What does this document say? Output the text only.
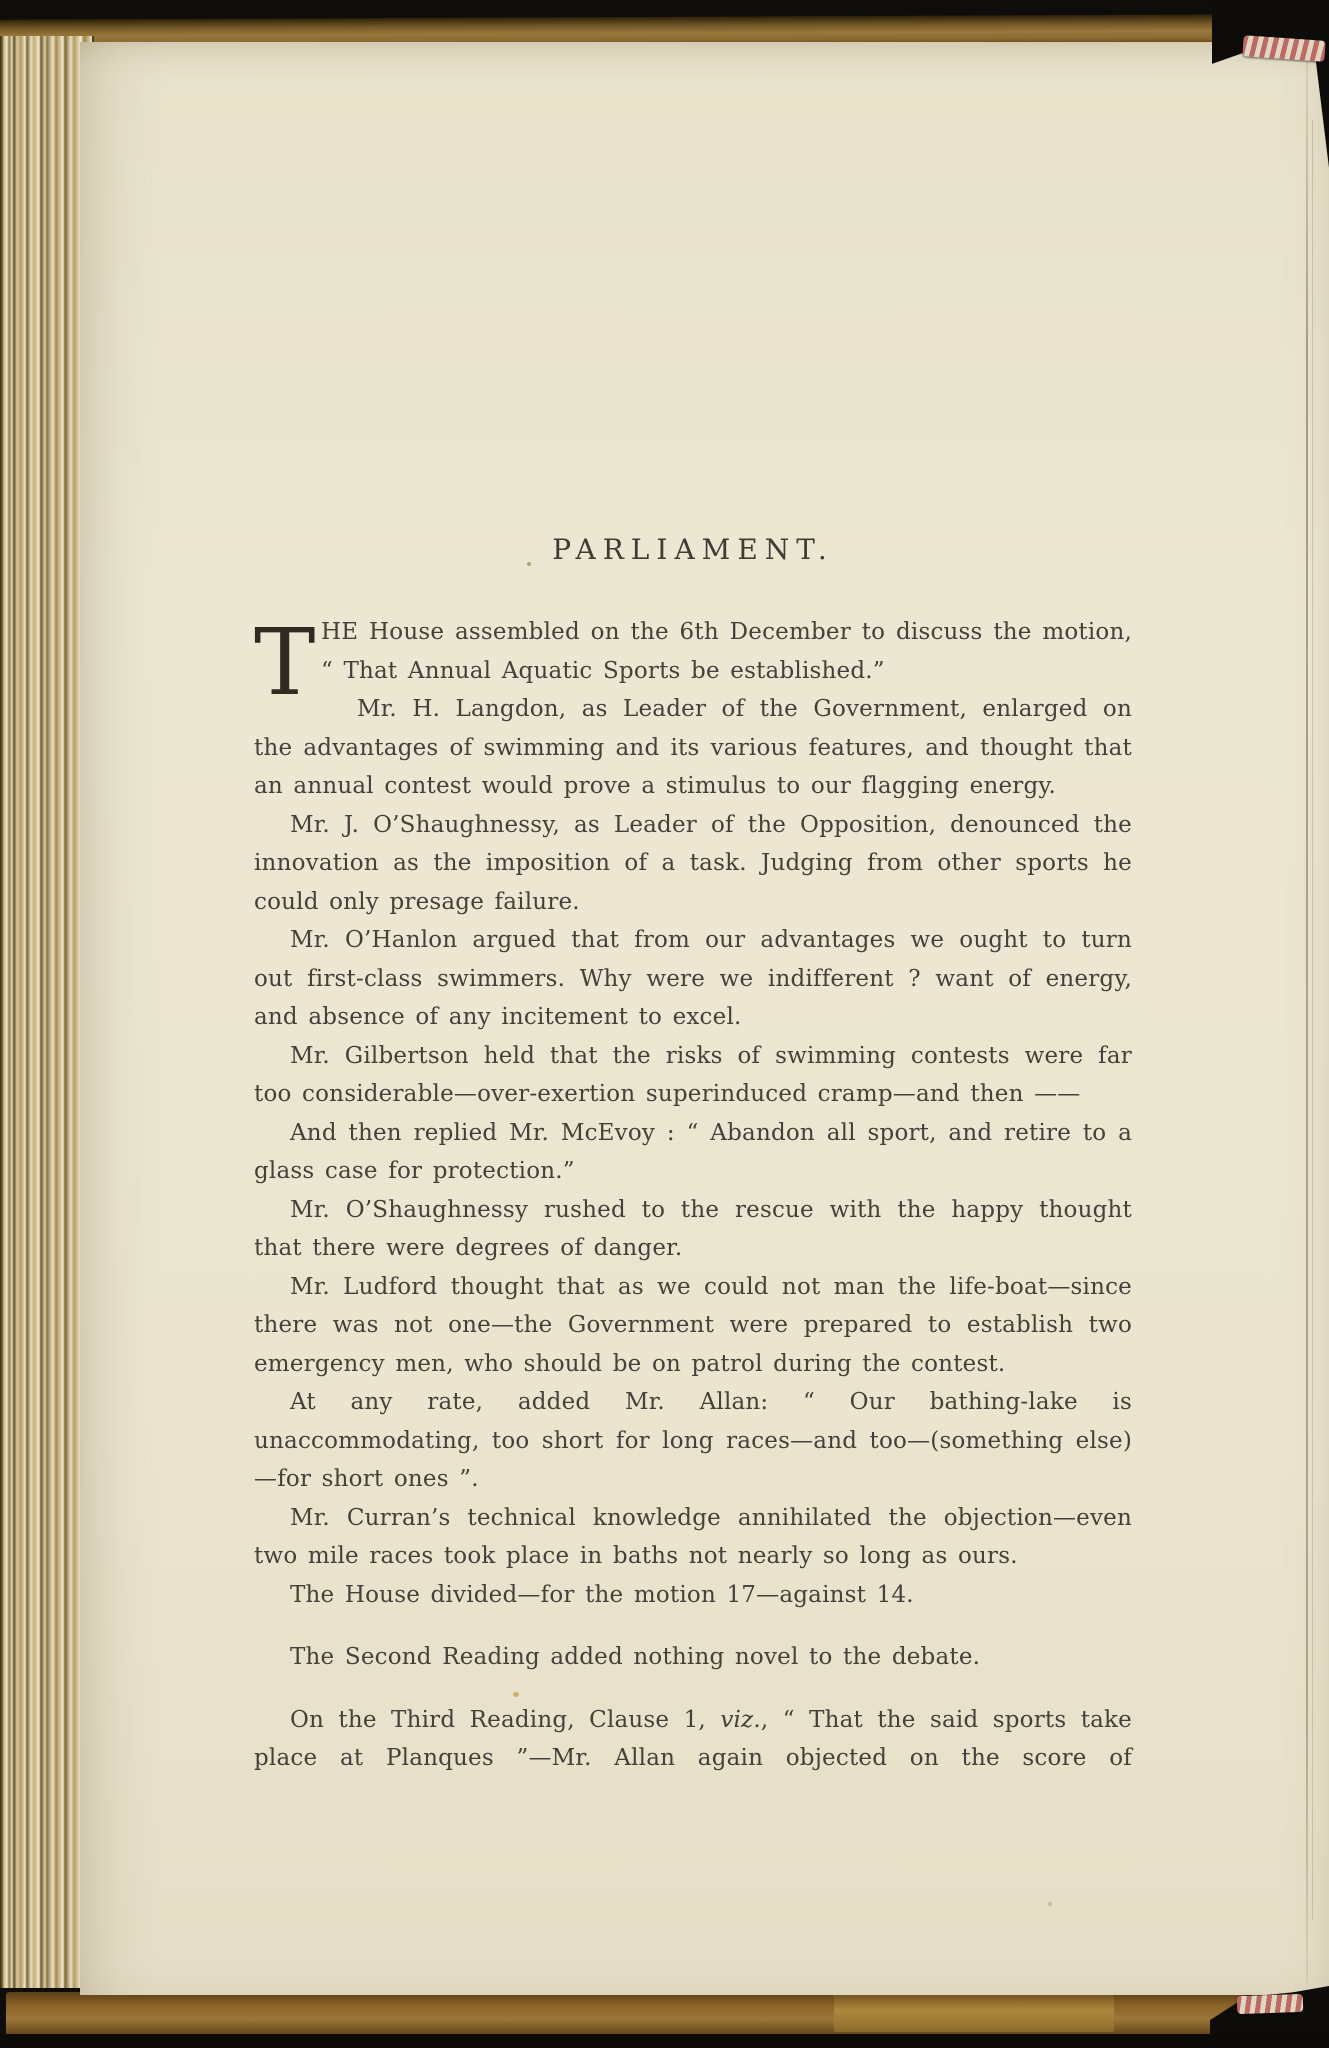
PARLIAMENT.

THE House assembled on the 6th December to discuss the motion, “ That Annual Aquatic Sports be established.”

Mr. H. Langdon, as Leader of the Government, enlarged on the advantages of swimming and its various features, and thought that an annual contest would prove a stimulus to our flagging energy.

Mr. J. O’Shaughnessy, as Leader of the Opposition, denounced the innovation as the imposition of a task. Judging from other sports he could only presage failure.

Mr. O’Hanlon argued that from our advantages we ought to turn out first-class swimmers. Why were we indifferent ? want of energy, and absence of any incitement to excel.

Mr. Gilbertson held that the risks of swimming contests were far too considerable—over-exertion superinduced cramp—and then ——

And then replied Mr. McEvoy : “ Abandon all sport, and retire to a glass case for protection.”

Mr. O’Shaughnessy rushed to the rescue with the happy thought that there were degrees of danger.

Mr. Ludford thought that as we could not man the life-boat—since there was not one—the Government were prepared to establish two emergency men, who should be on patrol during the contest.

At any rate, added Mr. Allan: “ Our bathing-lake is unaccommodating, too short for long races—and too—(something else) —for short ones ”.

Mr. Curran’s technical knowledge annihilated the objection—even two mile races took place in baths not nearly so long as ours.

The House divided—for the motion 17—against 14.

The Second Reading added nothing novel to the debate.

On the Third Reading, Clause 1, viz., “ That the said sports take place at Planques ”—Mr. Allan again objected on the score of
